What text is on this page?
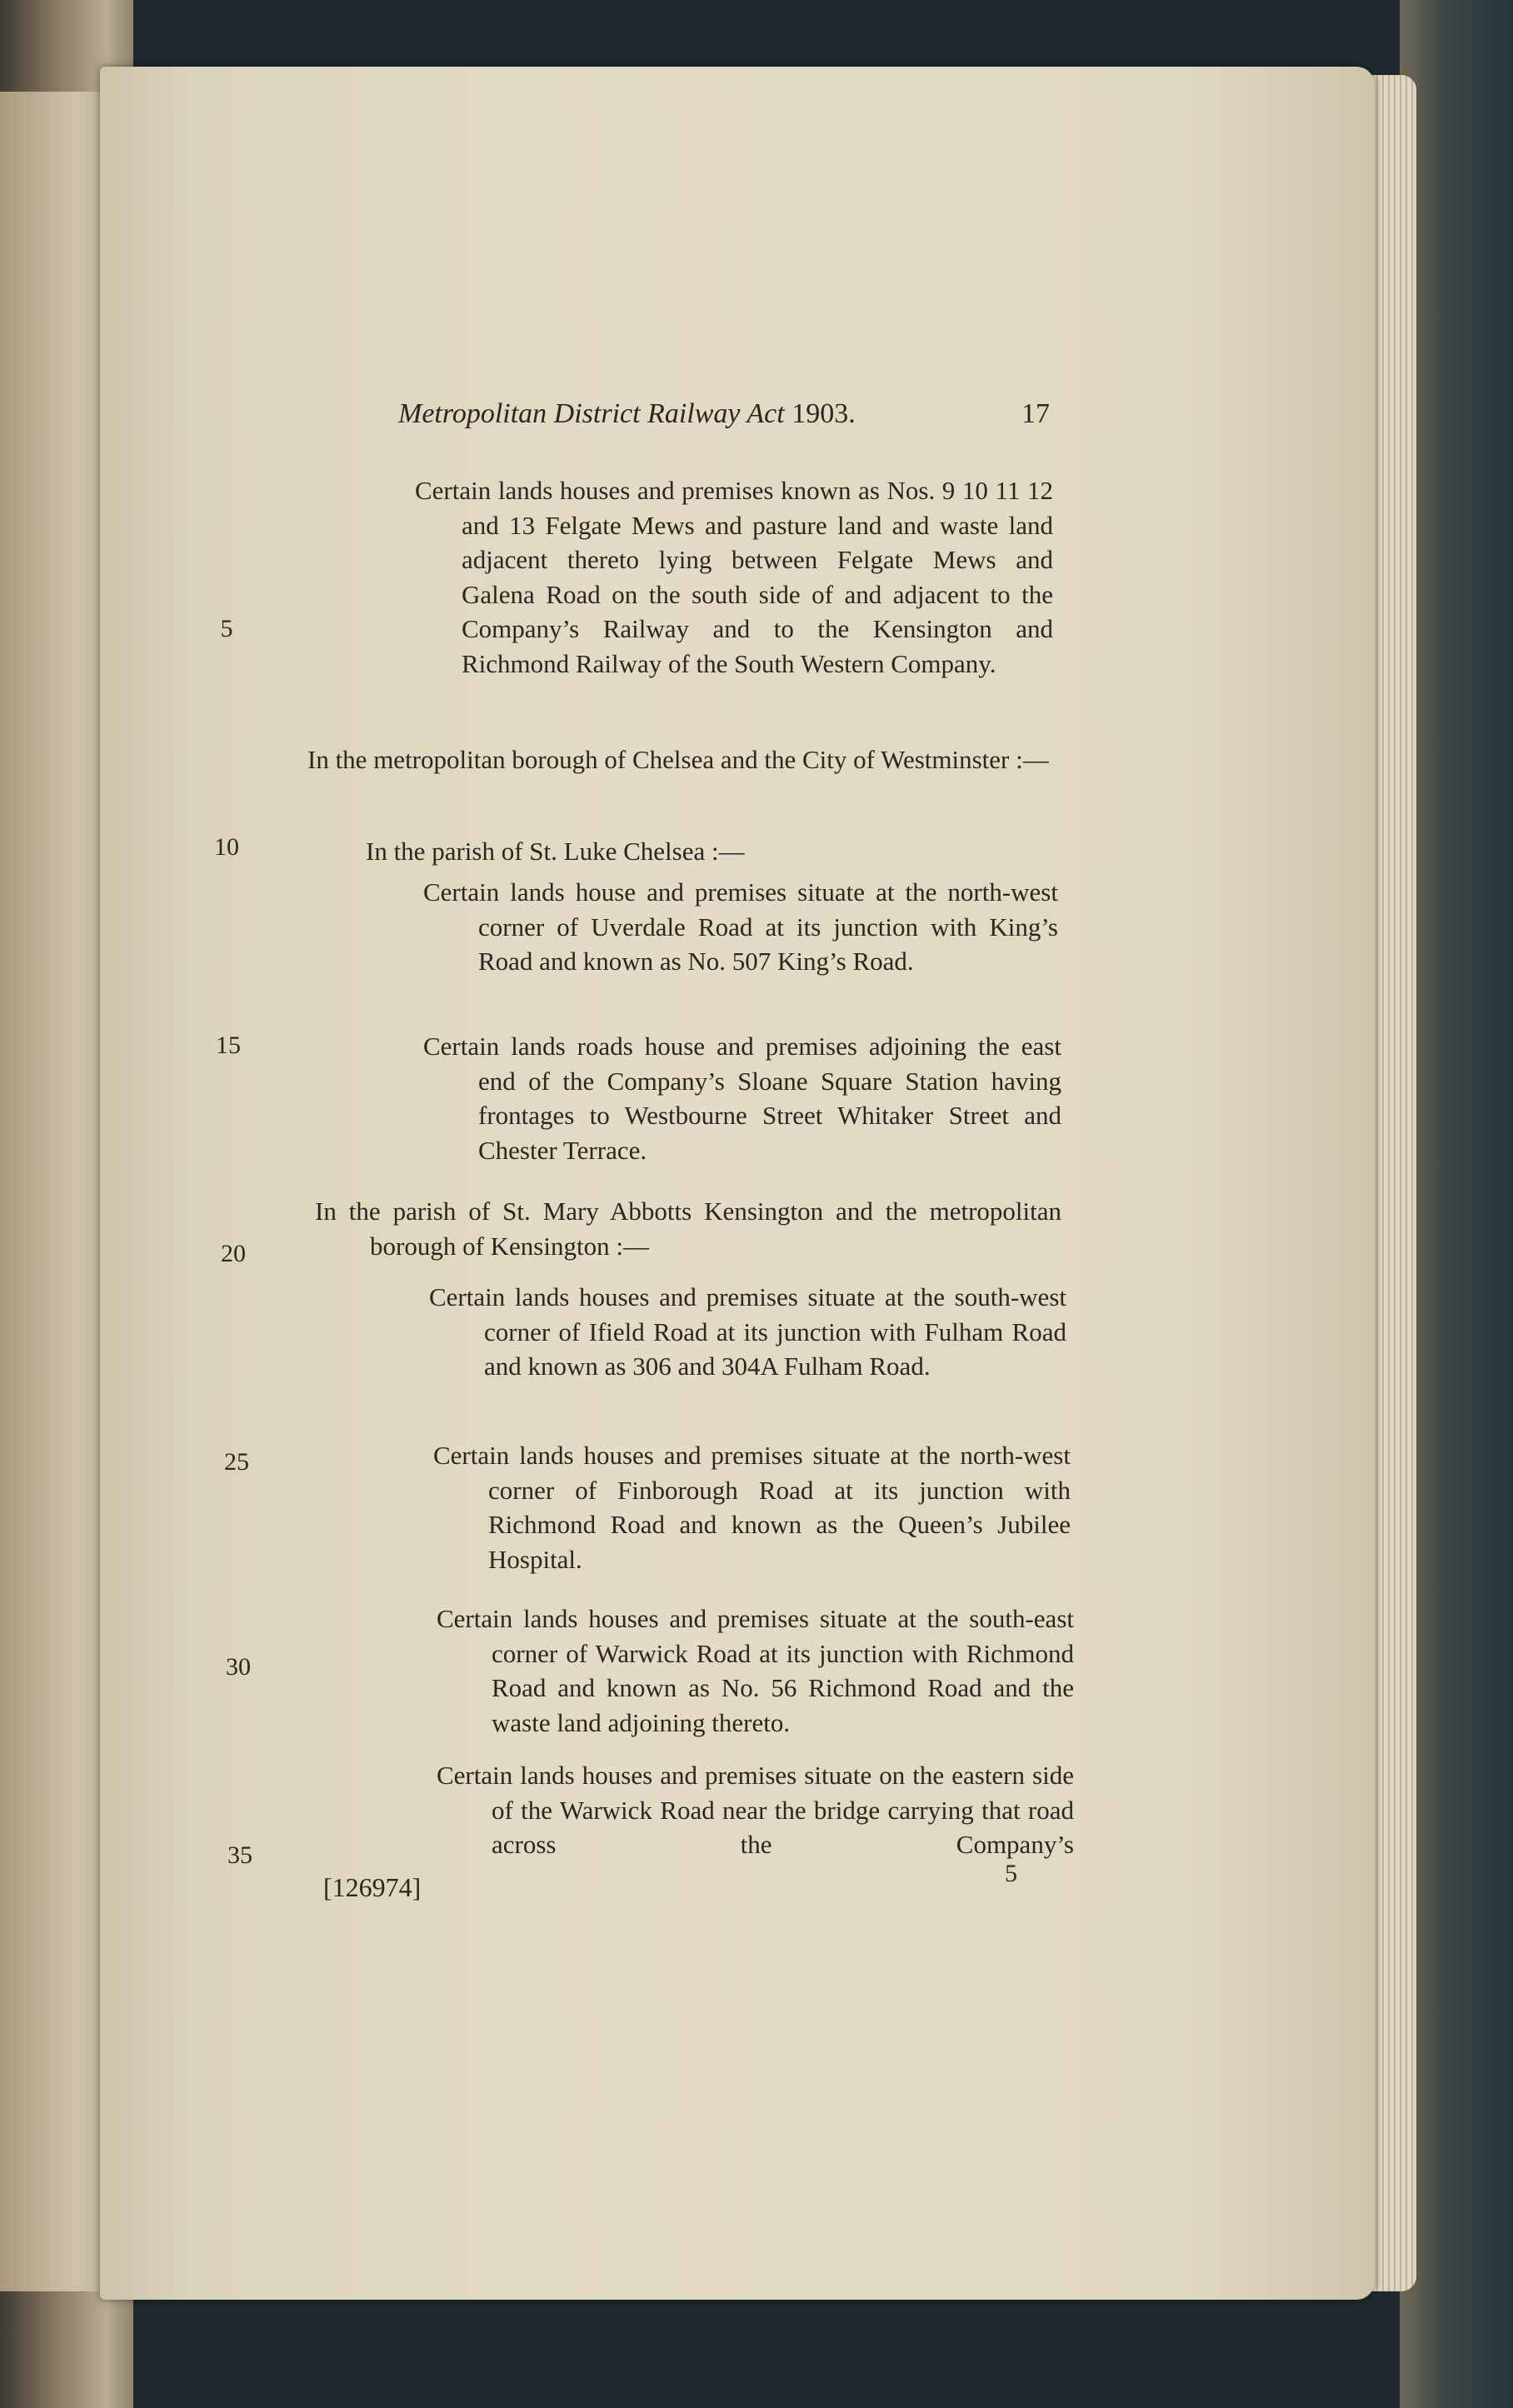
Metropolitan District Railway Act 1903.	17
Certain lands houses and premises known as Nos. 9 10 11 12 and 13 Felgate Mews and pasture land and waste land adjacent thereto lying between Felgate Mews and Galena Road on the south side of and adjacent to the Company’s Railway and to the Kensington and Richmond Railway of the South Western Company.
In the metropolitan borough of Chelsea and the City of Westminster :—
In the parish of St. Luke Chelsea :—
Certain lands house and premises situate at the north-west corner of Uverdale Road at its junction with King’s Road and known as No. 507 King’s Road.
Certain lands roads house and premises adjoining the east end of the Company’s Sloane Square Station having frontages to Westbourne Street Whitaker Street and Chester Terrace.
In the parish of St. Mary Abbotts Kensington and the metropolitan borough of Kensington :—
Certain lands houses and premises situate at the south-west corner of Ifield Road at its junction with Fulham Road and known as 306 and 304A Fulham Road.
Certain lands houses and premises situate at the north-west corner of Finborough Road at its junction with Richmond Road and known as the Queen’s Jubilee Hospital.
Certain lands houses and premises situate at the south-east corner of Warwick Road at its junction with Richmond Road and known as No. 56 Richmond Road and the waste land adjoining thereto.
Certain lands houses and premises situate on the eastern side of the Warwick Road near the bridge carrying that road across the Company’s
5
10
15
20
25
30
35
[126974]	5
